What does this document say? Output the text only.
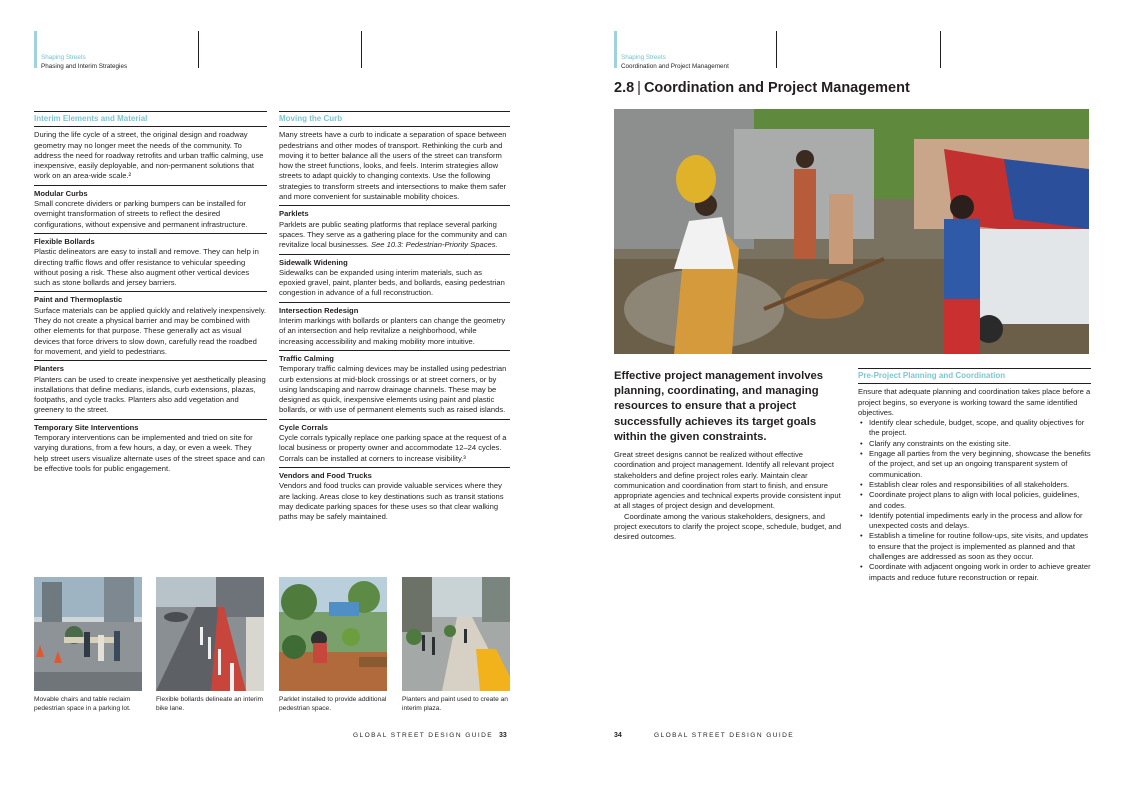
Shaping Streets
Phasing and Interim Strategies
Interim Elements and Material

During the life cycle of a street, the original design and roadway geometry may no longer meet the needs of the community. To address the need for roadway retrofits and urban traffic calming, use inexpensive, easily deployable, and non-permanent solutions that work on an area-wide scale.²

Modular Curbs

Small concrete dividers or parking bumpers can be installed for overnight transformation of streets to reflect the desired configurations, without expensive and permanent infrastructure.

Flexible Bollards

Plastic delineators are easy to install and remove. They can help in directing traffic flows and offer resistance to vehicular speeding without posing a risk. These also augment other vertical devices such as stone bollards and jersey barriers.

Paint and Thermoplastic

Surface materials can be applied quickly and relatively inexpensively. They do not create a physical barrier and may be combined with other elements for that purpose. These generally act as visual devices that force drivers to slow down, carefully read the roadbed for movement, and yield to pedestrians.

Planters

Planters can be used to create inexpensive yet aesthetically pleasing installations that define medians, islands, curb extensions, plazas, footpaths, and cycle tracks. Planters also add vegetation and greenery to the street.

Temporary Site Interventions

Temporary interventions can be implemented and tried on site for varying durations, from a few hours, a day, or even a week. They help street users visualize alternate uses of the street space and can be effective tools for public engagement.

Moving the Curb

Many streets have a curb to indicate a separation of space between pedestrians and other modes of transport. Rethinking the curb and moving it to better balance all the users of the street can transform how the street functions, looks, and feels. Interim strategies allow streets to adapt quickly to changing contexts. Use the following strategies to transform streets and intersections to make them safer and more convenient for sustainable mobility choices.

Parklets

Parklets are public seating platforms that replace several parking spaces. They serve as a gathering place for the community and can revitalize local businesses. See 10.3: Pedestrian-Priority Spaces.

Sidewalk Widening

Sidewalks can be expanded using interim materials, such as epoxied gravel, paint, planter beds, and bollards, easing pedestrian congestion in advance of a full reconstruction.

Intersection Redesign

Interim markings with bollards or planters can change the geometry of an intersection and help revitalize a neighborhood, while increasing accessibility and making mobility more intuitive.

Traffic Calming

Temporary traffic calming devices may be installed using pedestrian curb extensions at mid-block crossings or at street corners, or by using landscaping and narrow drainage channels. These may be designed as quick, inexpensive elements using paint and plastic bollards, or with use of permanent elements such as raised islands.

Cycle Corrals

Cycle corrals typically replace one parking space at the request of a local business or property owner and accommodate 12–24 cycles. Corrals can be installed at corners to increase visibility.³

Vendors and Food Trucks

Vendors and food trucks can provide valuable services where they are lacking. Areas close to key destinations such as transit stations may dedicate parking spaces for these uses so that clear walking paths may be safely maintained.

Movable chairs and table reclaim pedestrian space in a parking lot.
Flexible bollards delineate an interim bike lane.
Parklet installed to provide additional pedestrian space.
Planters and paint used to create an interim plaza.
GLOBAL STREET DESIGN GUIDE 33
Shaping Streets
Coordination and Project Management
2.8 | Coordination and Project Management
Effective project management involves planning, coordinating, and managing resources to ensure that a project successfully achieves its target goals within the given constraints.

Great street designs cannot be realized without effective coordination and project management. Identify all relevant project stakeholders and define project roles early. Maintain clear communication and coordination from start to finish, and ensure appropriate agencies and technical experts provide consistent input at all stages of project design and development.

Coordinate among the various stakeholders, designers, and project executors to clarify the project scope, schedule, budget, and desired outcomes.

Pre-Project Planning and Coordination

Ensure that adequate planning and coordination takes place before a project begins, so everyone is working toward the same identified objectives.

• Identify clear schedule, budget, scope, and quality objectives for the project.
• Clarify any constraints on the existing site.
• Engage all parties from the very beginning, showcase the benefits of the project, and set up an ongoing transparent system of communication.
• Establish clear roles and responsibilities of all stakeholders.
• Coordinate project plans to align with local policies, guidelines, and codes.
• Identify potential impediments early in the process and allow for unexpected costs and delays.
• Establish a timeline for routine follow-ups, site visits, and updates to ensure that the project is implemented as planned and that challenges are addressed as soon as they occur.
• Coordinate with adjacent ongoing work in order to achieve greater impacts and reduce future reconstruction or repair.
34	GLOBAL STREET DESIGN GUIDE
